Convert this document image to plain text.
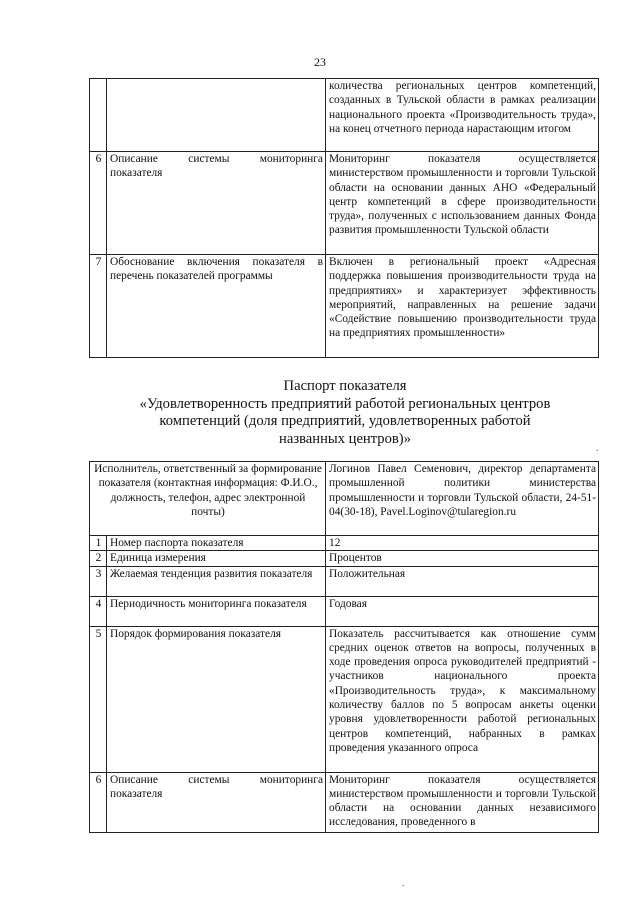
23
		количества региональных центров компетенций, созданных в Тульской области в рамках реализации национального проекта «Производительность труда», на конец отчетного периода нарастающим итогом
6	Описание системы мониторинга показателя	Мониторинг показателя осуществляется министерством промышленности и торговли Тульской области на основании данных АНО «Федеральный центр компетенций в сфере производительности труда», полученных с использованием данных Фонда развития промышленности Тульской области
7	Обоснование включения показателя в перечень показателей программы	Включен в региональный проект «Адресная поддержка повышения производительности труда на предприятиях» и характеризует эффективность мероприятий, направленных на решение задачи «Содействие повышению производительности труда на предприятиях промышленности»
Паспорт показателя
«Удовлетворенность предприятий работой региональных центров
компетенций (доля предприятий, удовлетворенных работой
названных центров)»
.
Исполнитель, ответственный за формирование показателя (контактная информация: Ф.И.О., должность, телефон, адрес электронной почты)		Логинов Павел Семенович, директор департамента промышленной политики министерства промышленности и торговли Тульской области, 24-51-04(30-18), Pavel.Loginov@tularegion.ru
1	Номер паспорта показателя	12
2	Единица измерения	Процентов
3	Желаемая тенденция развития показателя	Положительная
4	Периодичность мониторинга показателя	Годовая
5	Порядок формирования показателя	Показатель рассчитывается как отношение сумм средних оценок ответов на вопросы, полученных в ходе проведения опроса руководителей предприятий - участников национального проекта «Производительность труда», к максимальному количеству баллов по 5 вопросам анкеты оценки уровня удовлетворенности работой региональных центров компетенций, набранных в рамках проведения указанного опроса
6	Описание системы мониторинга показателя	Мониторинг показателя осуществляется министерством промышленности и торговли Тульской области на основании данных независимого исследования, проведенного в
.
